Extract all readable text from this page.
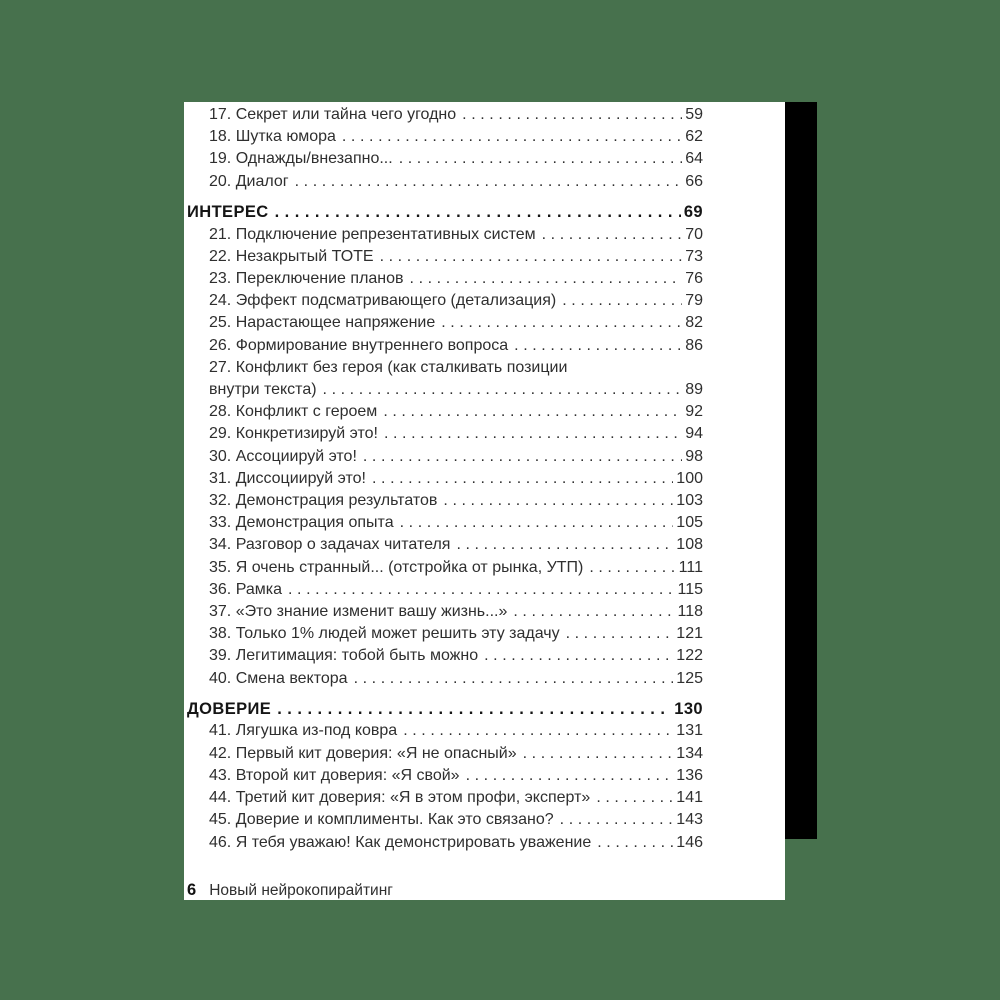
17. Секрет или тайна чего угодно .....	59
18. Шутка юмора .....	62
19. Однажды/внезапно... .....	64
20. Диалог .....	66
ИНТЕРЕС .....	69
21. Подключение репрезентативных систем .....	70
22. Незакрытый ТОТЕ .....	73
23. Переключение планов .....	76
24. Эффект подсматривающего (детализация) .....	79
25. Нарастающее напряжение .....	82
26. Формирование внутреннего вопроса .....	86
27. Конфликт без героя (как сталкивать позиции
внутри текста) .....	89
28. Конфликт с героем .....	92
29. Конкретизируй это! .....	94
30. Ассоциируй это! .....	98
31. Диссоциируй это! .....	100
32. Демонстрация результатов .....	103
33. Демонстрация опыта .....	105
34. Разговор о задачах читателя .....	108
35. Я очень странный... (отстройка от рынка, УТП) .....	111
36. Рамка .....	115
37. «Это знание изменит вашу жизнь...» .....	118
38. Только 1% людей может решить эту задачу .....	121
39. Легитимация: тобой быть можно .....	122
40. Смена вектора .....	125
ДОВЕРИЕ .....	130
41. Лягушка из-под ковра .....	131
42. Первый кит доверия: «Я не опасный» .....	134
43. Второй кит доверия: «Я свой» .....	136
44. Третий кит доверия: «Я в этом профи, эксперт» .....	141
45. Доверие и комплименты. Как это связано? .....	143
46. Я тебя уважаю! Как демонстрировать уважение .....	146
6 Новый нейрокопирайтинг
